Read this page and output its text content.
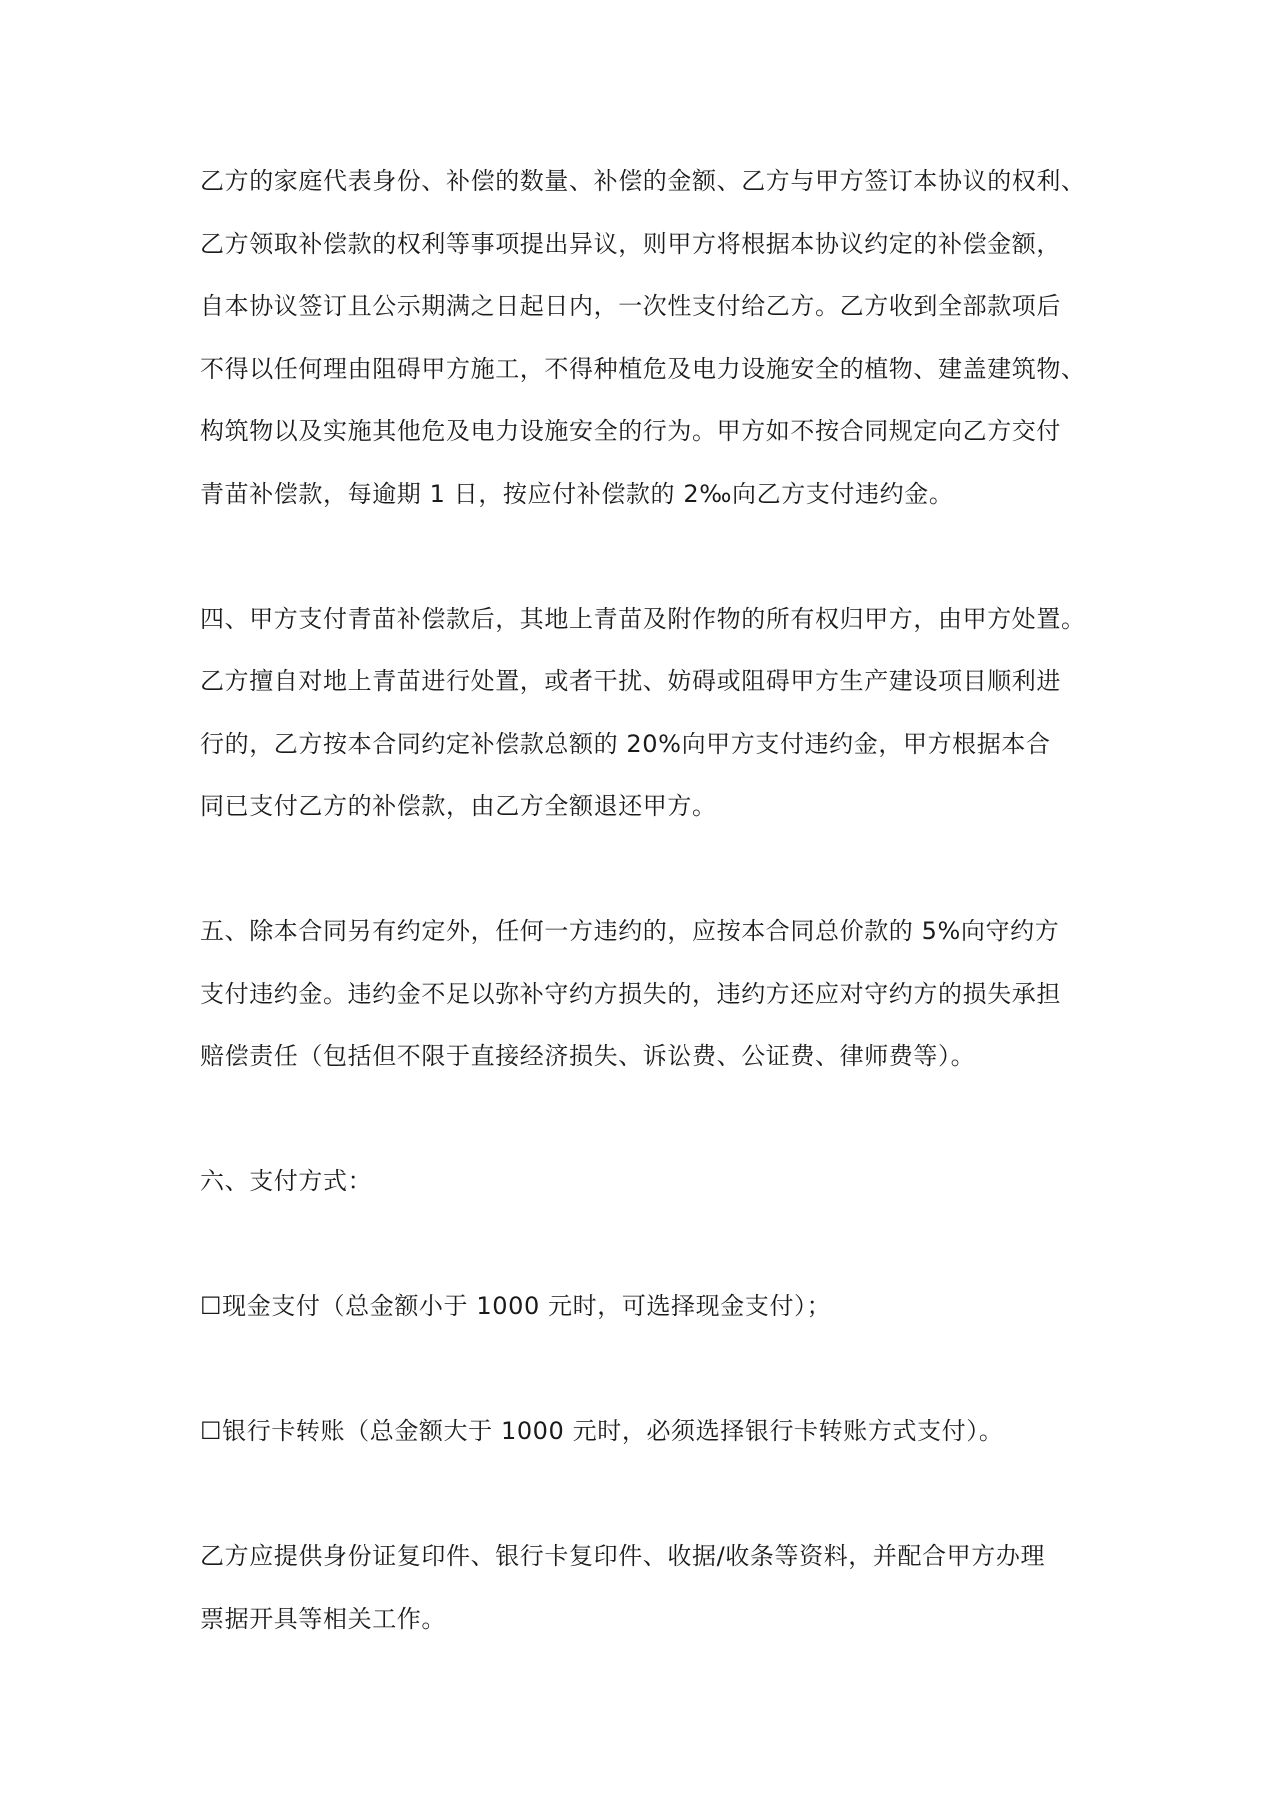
乙方的家庭代表身份、补偿的数量、补偿的金额、乙方与甲方签订本协议的权利、
乙方领取补偿款的权利等事项提出异议，则甲方将根据本协议约定的补偿金额，
自本协议签订且公示期满之日起日内，一次性支付给乙方。乙方收到全部款项后
不得以任何理由阻碍甲方施工，不得种植危及电力设施安全的植物、建盖建筑物、
构筑物以及实施其他危及电力设施安全的行为。甲方如不按合同规定向乙方交付
青苗补偿款，每逾期 1 日，按应付补偿款的 2‰向乙方支付违约金。
四、甲方支付青苗补偿款后，其地上青苗及附作物的所有权归甲方，由甲方处置。
乙方擅自对地上青苗进行处置，或者干扰、妨碍或阻碍甲方生产建设项目顺利进
行的，乙方按本合同约定补偿款总额的 20%向甲方支付违约金，甲方根据本合
同已支付乙方的补偿款，由乙方全额退还甲方。
五、除本合同另有约定外，任何一方违约的，应按本合同总价款的 5%向守约方
支付违约金。违约金不足以弥补守约方损失的，违约方还应对守约方的损失承担
赔偿责任（包括但不限于直接经济损失、诉讼费、公证费、律师费等）。
六、支付方式：
☐现金支付（总金额小于 1000 元时，可选择现金支付）；
☐银行卡转账（总金额大于 1000 元时，必须选择银行卡转账方式支付）。
乙方应提供身份证复印件、银行卡复印件、收据/收条等资料，并配合甲方办理
票据开具等相关工作。
